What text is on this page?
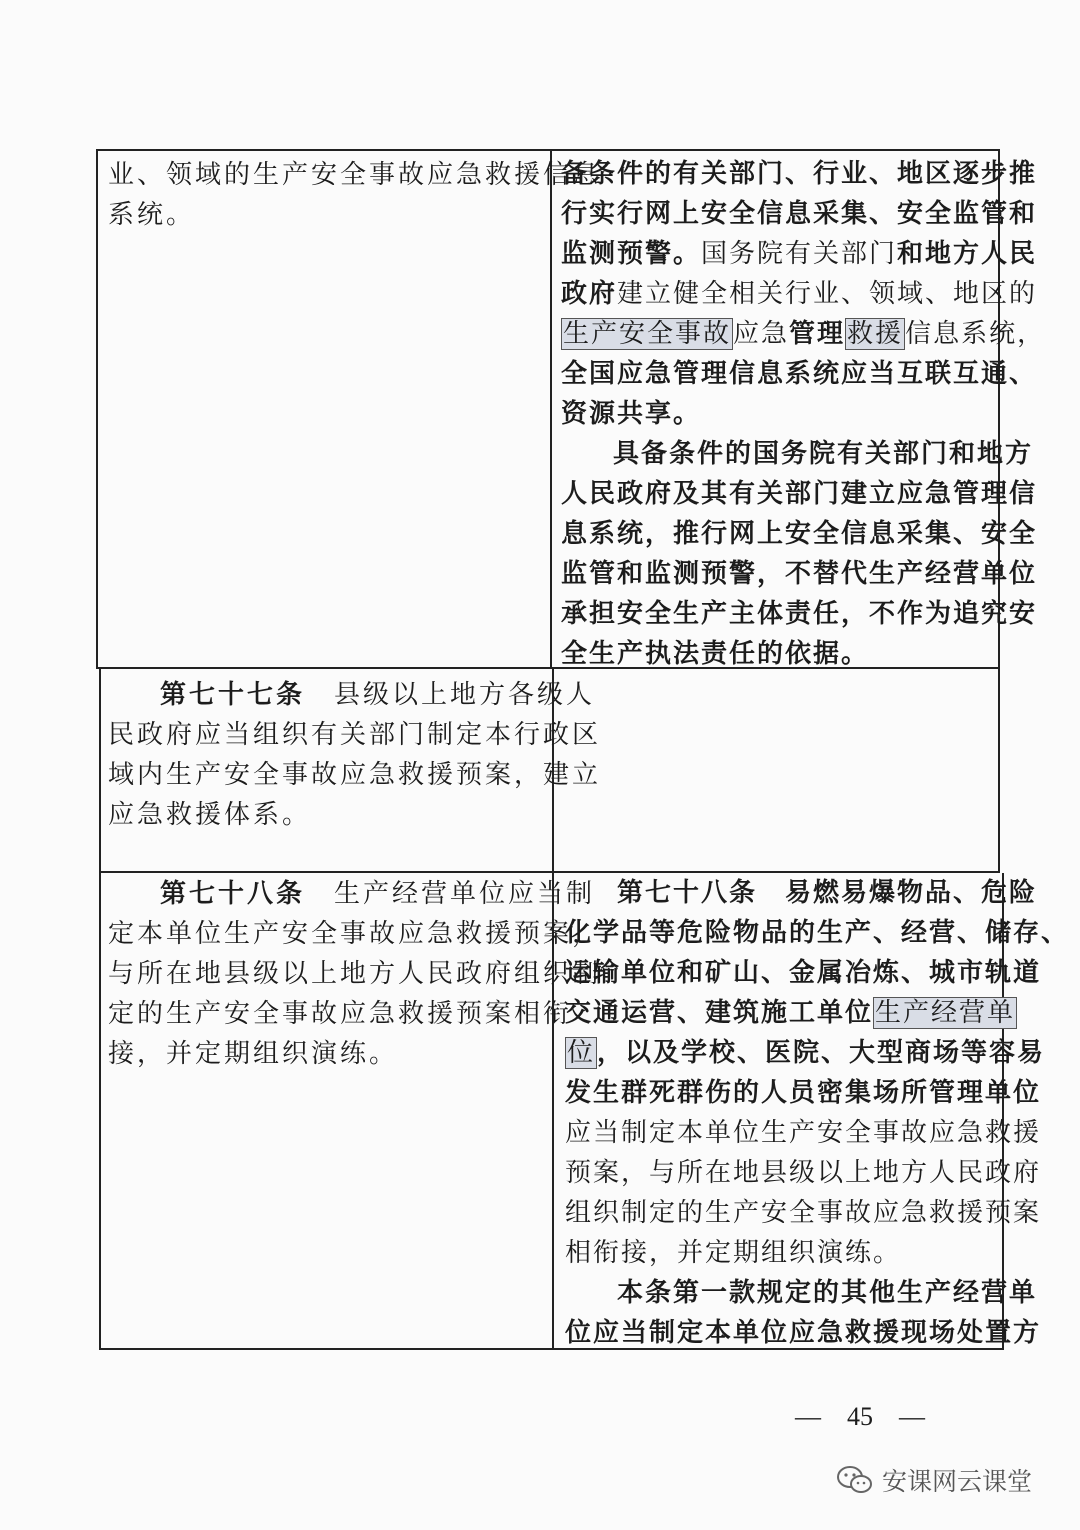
业、领域的生产安全事故应急救援信息
系统。
备条件的有关部门、行业、地区逐步推
行实行网上安全信息采集、安全监管和
监测预警。国务院有关部门和地方人民
政府建立健全相关行业、领域、地区的
生产安全事故应急管理救援信息系统，
全国应急管理信息系统应当互联互通、
资源共享。
具备条件的国务院有关部门和地方
人民政府及其有关部门建立应急管理信
息系统，推行网上安全信息采集、安全
监管和监测预警，不替代生产经营单位
承担安全生产主体责任，不作为追究安
全生产执法责任的依据。
第七十七条　县级以上地方各级人
民政府应当组织有关部门制定本行政区
域内生产安全事故应急救援预案，建立
应急救援体系。
第七十八条　生产经营单位应当制
定本单位生产安全事故应急救援预案，
与所在地县级以上地方人民政府组织制
定的生产安全事故应急救援预案相衔
接，并定期组织演练。
第七十八条　 易燃易爆物品、危险
化学品等危险物品的生产、经营、储存、
运输单位和矿山、金属冶炼、城市轨道
交通运营、建筑施工单位生产经营单
位，以及学校、医院、大型商场等容易
发生群死群伤的人员密集场所管理单位
应当制定本单位生产安全事故应急救援
预案，与所在地县级以上地方人民政府
组织制定的生产安全事故应急救援预案
相衔接，并定期组织演练。
本条第一款规定的其他生产经营单
位应当制定本单位应急救援现场处置方
—　45　—
安课网云课堂
